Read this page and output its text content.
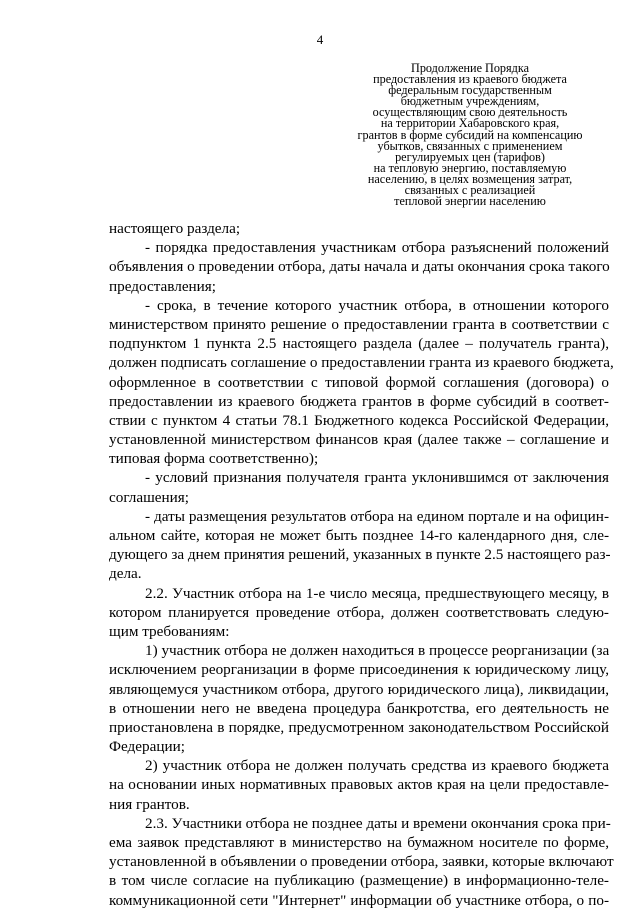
4
Продолжение Порядка
предоставления из краевого бюджета
федеральным государственным
бюджетным учреждениям,
осуществляющим свою деятельность
на территории Хабаровского края,
грантов в форме субсидий на компенсацию
убытков, связанных с применением
регулируемых цен (тарифов)
на тепловую энергию, поставляемую
населению, в целях возмещения затрат,
связанных с реализацией
тепловой энергии населению
настоящего раздела;
- порядка предоставления участникам отбора разъяснений положений
объявления о проведении отбора, даты начала и даты окончания срока такого
предоставления;
- срока, в течение которого участник отбора, в отношении которого
министерством принято решение о предоставлении гранта в соответствии с
подпунктом 1 пункта 2.5 настоящего раздела (далее – получатель гранта),
должен подписать соглашение о предоставлении гранта из краевого бюджета,
оформленное в соответствии с типовой формой соглашения (договора) о
предоставлении из краевого бюджета грантов в форме субсидий в соответ-
ствии с пунктом 4 статьи 78.1 Бюджетного кодекса Российской Федерации,
установленной министерством финансов края (далее также – соглашение и
типовая форма соответственно);
- условий признания получателя гранта уклонившимся от заключения
соглашения;
- даты размещения результатов отбора на едином портале и на официн-
альном сайте, которая не может быть позднее 14-го календарного дня, сле-
дующего за днем принятия решений, указанных в пункте 2.5 настоящего раз-
дела.
2.2. Участник отбора на 1-е число месяца, предшествующего месяцу, в
котором планируется проведение отбора, должен соответствовать следую-
щим требованиям:
1) участник отбора не должен находиться в процессе реорганизации (за
исключением реорганизации в форме присоединения к юридическому лицу,
являющемуся участником отбора, другого юридического лица), ликвидации,
в отношении него не введена процедура банкротства, его деятельность не
приостановлена в порядке, предусмотренном законодательством Российской
Федерации;
2) участник отбора не должен получать средства из краевого бюджета
на основании иных нормативных правовых актов края на цели предоставле-
ния грантов.
2.3. Участники отбора не позднее даты и времени окончания срока при-
ема заявок представляют в министерство на бумажном носителе по форме,
установленной в объявлении о проведении отбора, заявки, которые включают
в том числе согласие на публикацию (размещение) в информационно-теле-
коммуникационной сети "Интернет" информации об участнике отбора, о по-
